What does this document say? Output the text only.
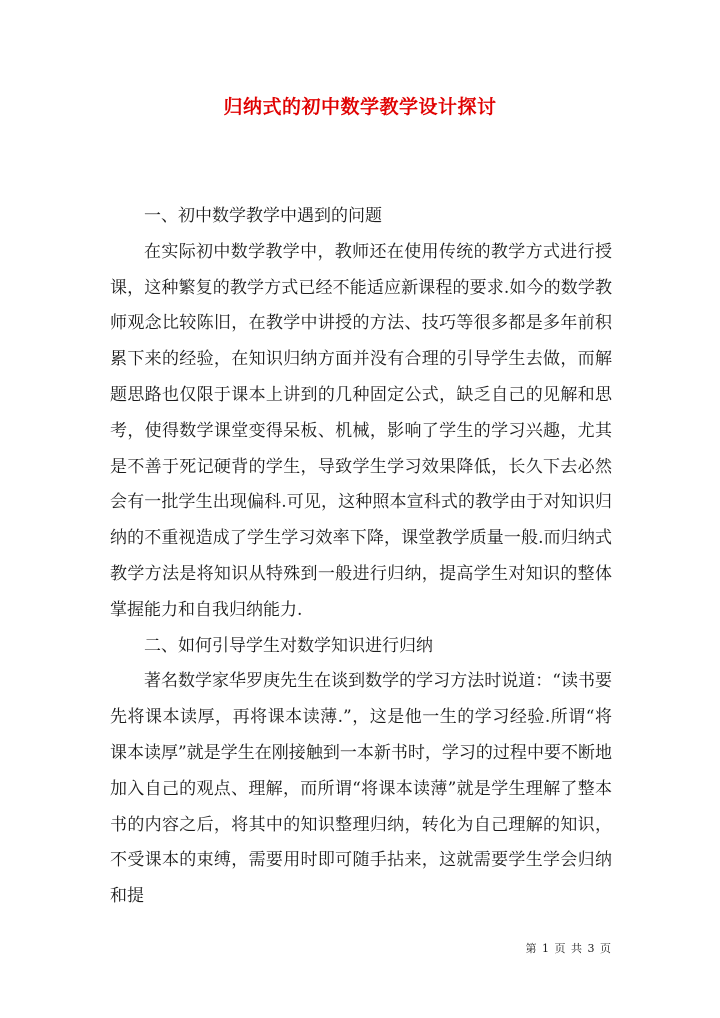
归纳式的初中数学教学设计探讨

一、初中数学教学中遇到的问题

在实际初中数学教学中，教师还在使用传统的教学方式进行授课，这种繁复的教学方式已经不能适应新课程的要求.如今的数学教师观念比较陈旧，在教学中讲授的方法、技巧等很多都是多年前积累下来的经验，在知识归纳方面并没有合理的引导学生去做，而解题思路也仅限于课本上讲到的几种固定公式，缺乏自己的见解和思考，使得数学课堂变得呆板、机械，影响了学生的学习兴趣，尤其是不善于死记硬背的学生，导致学生学习效果降低，长久下去必然会有一批学生出现偏科.可见，这种照本宣科式的教学由于对知识归纳的不重视造成了学生学习效率下降，课堂教学质量一般.而归纳式教学方法是将知识从特殊到一般进行归纳，提高学生对知识的整体掌握能力和自我归纳能力.

二、如何引导学生对数学知识进行归纳

著名数学家华罗庚先生在谈到数学的学习方法时说道：“读书要先将课本读厚，再将课本读薄.”，这是他一生的学习经验.所谓“将课本读厚”就是学生在刚接触到一本新书时，学习的过程中要不断地加入自己的观点、理解，而所谓“将课本读薄”就是学生理解了整本书的内容之后，将其中的知识整理归纳，转化为自己理解的知识，不受课本的束缚，需要用时即可随手拈来，这就需要学生学会归纳和提

第 1 页 共 3 页
